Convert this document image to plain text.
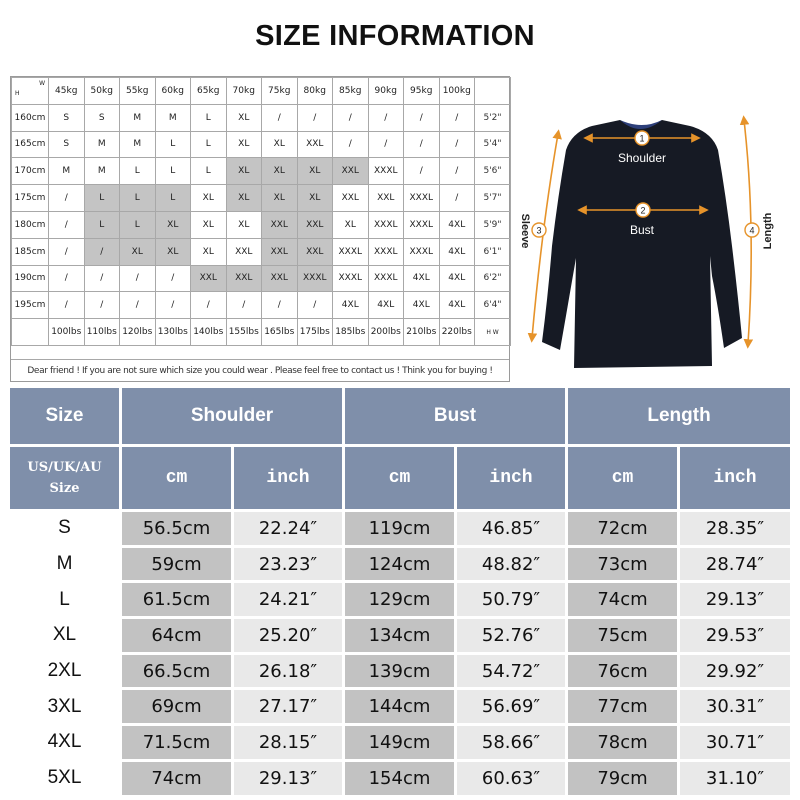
SIZE INFORMATION
H
W	45kg	50kg	55kg	60kg	65kg	70kg	75kg	80kg	85kg	90kg	95kg	100kg	
160cm	S	S	M	M	L	XL	/	/	/	/	/	/	5'2"
165cm	S	M	M	L	L	XL	XL	XXL	/	/	/	/	5'4"
170cm	M	M	L	L	L	XL	XL	XL	XXL	XXXL	/	/	5'6"
175cm	/	L	L	L	XL	XL	XL	XL	XXL	XXL	XXXL	/	5'7"
180cm	/	L	L	XL	XL	XL	XXL	XXL	XL	XXXL	XXXL	4XL	5'9"
185cm	/	/	XL	XL	XL	XXL	XXL	XXL	XXXL	XXXL	XXXL	4XL	6'1"
190cm	/	/	/	/	XXL	XXL	XXL	XXXL	XXXL	XXXL	4XL	4XL	6'2"
195cm	/	/	/	/	/	/	/	/	4XL	4XL	4XL	4XL	6'4"
	100lbs	110lbs	120lbs	130lbs	140lbs	155lbs	165lbs	175lbs	185lbs	200lbs	210lbs	220lbs	H W
Dear friend ! If you are not sure which size you could wear . Please feel free to contact us ! Think you for buying !
1
2
3	4
Shoulder
Bust
Sleeve	Length
Size	Shoulder		Bust		Length	
US/UK/AU
Size	cm	inch	cm	inch	cm	inch
S	56.5cm	22.24″	119cm	46.85″	72cm	28.35″
M	59cm	23.23″	124cm	48.82″	73cm	28.74″
L	61.5cm	24.21″	129cm	50.79″	74cm	29.13″
XL	64cm	25.20″	134cm	52.76″	75cm	29.53″
2XL	66.5cm	26.18″	139cm	54.72″	76cm	29.92″
3XL	69cm	27.17″	144cm	56.69″	77cm	30.31″
4XL	71.5cm	28.15″	149cm	58.66″	78cm	30.71″
5XL	74cm	29.13″	154cm	60.63″	79cm	31.10″
